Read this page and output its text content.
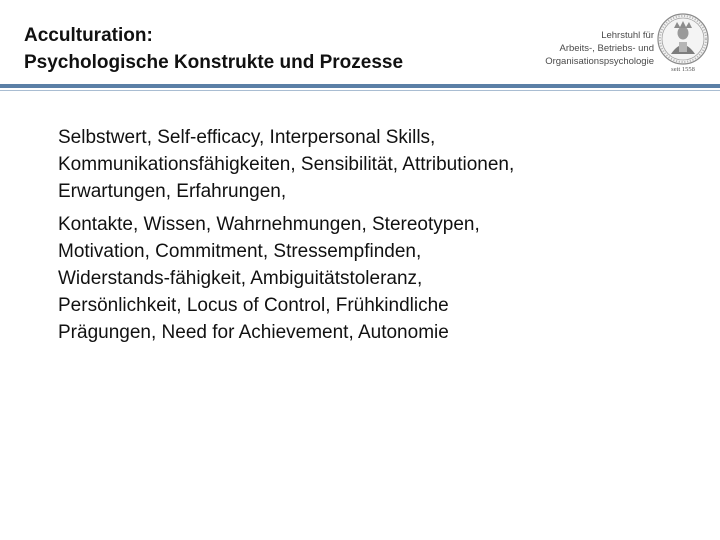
Acculturation:
Psychologische Konstrukte und Prozesse
Lehrstuhl für
Arbeits-, Betriebs- und
Organisationspsychologie
seit 1558
Selbstwert, Self-efficacy, Interpersonal Skills,
Kommunikationsfähigkeiten, Sensibilität, Attributionen,
Erwartungen, Erfahrungen,
Kontakte, Wissen, Wahrnehmungen, Stereotypen,
Motivation, Commitment, Stressempfinden,
Widerstands-fähigkeit, Ambiguitätstoleranz,
Persönlichkeit, Locus of Control, Frühkindliche
Prägungen, Need for Achievement, Autonomie
